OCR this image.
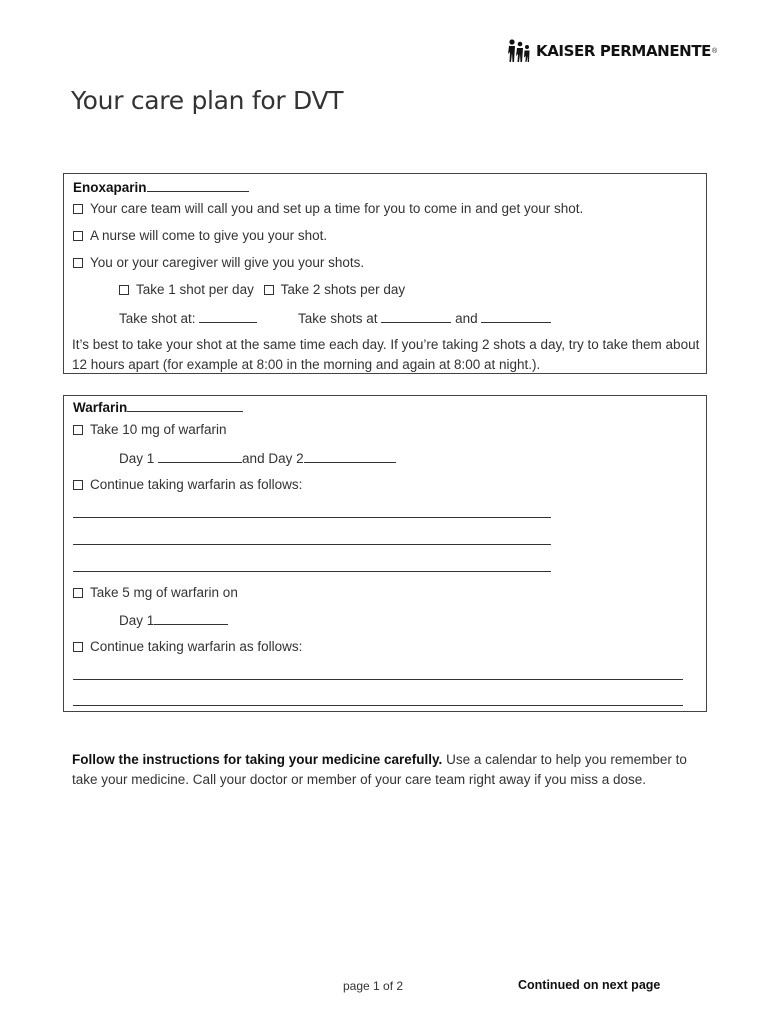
KAISER PERMANENTE ®
Your care plan for DVT
Enoxaparin
Your care team will call you and set up a time for you to come in and get your shot.
A nurse will come to give you your shot.
You or your caregiver will give you your shots.
Take 1 shot per day Take 2 shots per day
Take shot at:	Take shots at	and
It’s best to take your shot at the same time each day. If you’re taking 2 shots a day, try to take them about 12 hours apart (for example at 8:00 in the morning and again at 8:00 at night.).
Warfarin
Take 10 mg of warfarin
Day 1	and Day 2
Continue taking warfarin as follows:
Take 5 mg of warfarin on
Day 1
Continue taking warfarin as follows:
Follow the instructions for taking your medicine carefully. Use a calendar to help you remember to take your medicine. Call your doctor or member of your care team right away if you miss a dose.
page 1 of 2	Continued on next page
